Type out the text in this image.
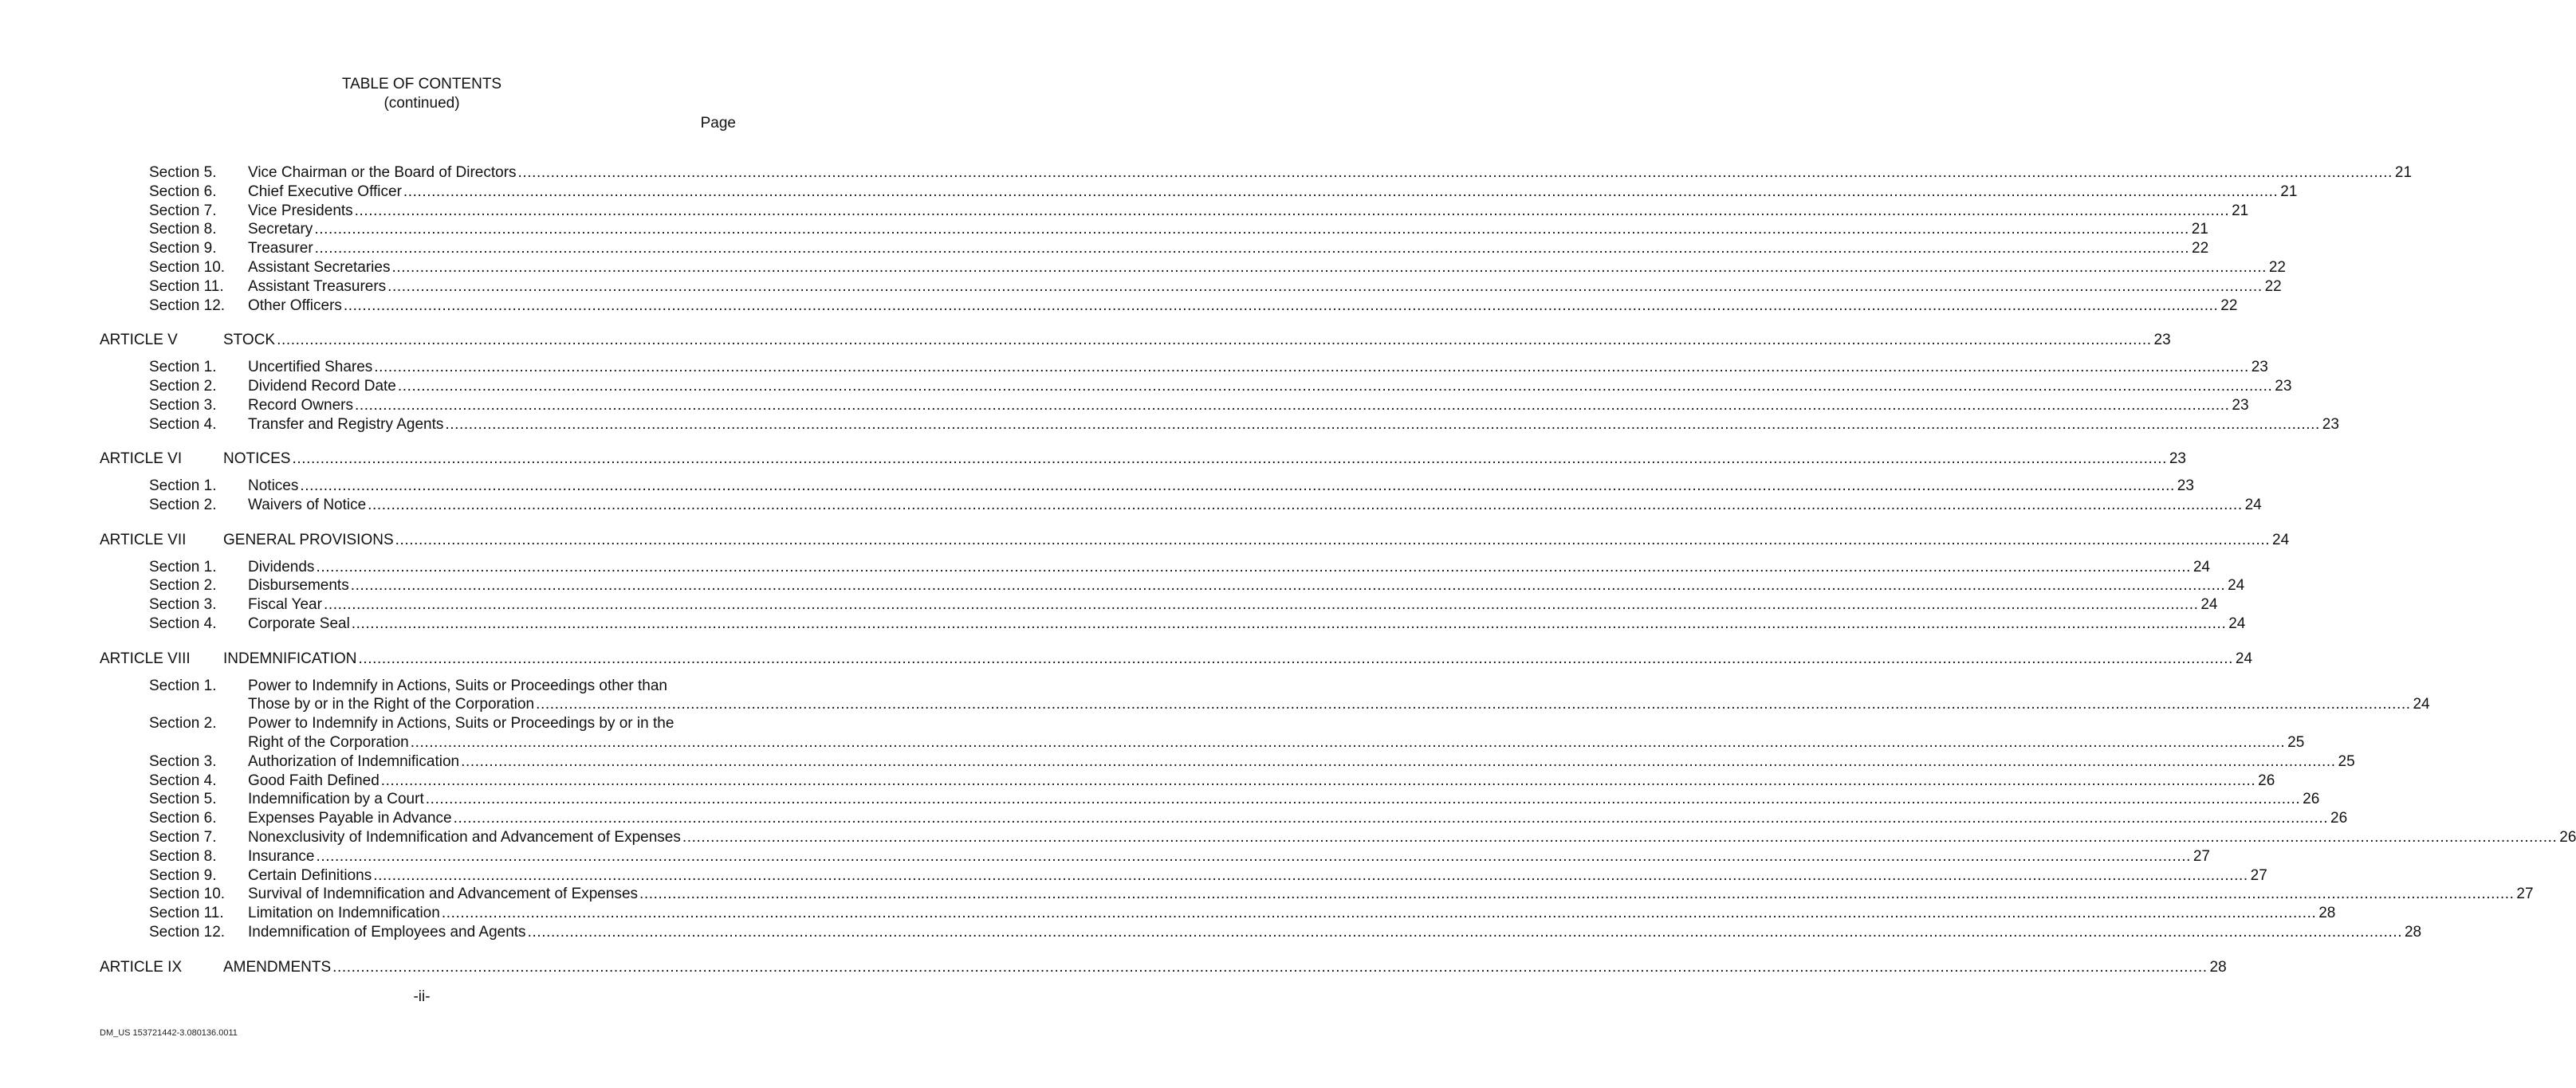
TABLE OF CONTENTS
(continued)
Page
Section 5. Vice Chairman or the Board of Directors ................................................................................................................................................................................................................................................................................................................................................................................................................ 21
Section 6. Chief Executive Officer ................................................................................................................................................................................................................................................................................................................................................................................................................ 21
Section 7. Vice Presidents ................................................................................................................................................................................................................................................................................................................................................................................................................ 21
Section 8. Secretary ................................................................................................................................................................................................................................................................................................................................................................................................................ 21
Section 9. Treasurer ................................................................................................................................................................................................................................................................................................................................................................................................................ 22
Section 10. Assistant Secretaries ................................................................................................................................................................................................................................................................................................................................................................................................................ 22
Section 11. Assistant Treasurers ................................................................................................................................................................................................................................................................................................................................................................................................................ 22
Section 12. Other Officers ................................................................................................................................................................................................................................................................................................................................................................................................................ 22
ARTICLE V	STOCK ................................................................................................................................................................................................................................................................................................................................................................................................................ 23
Section 1. Uncertified Shares ................................................................................................................................................................................................................................................................................................................................................................................................................ 23
Section 2. Dividend Record Date ................................................................................................................................................................................................................................................................................................................................................................................................................ 23
Section 3. Record Owners ................................................................................................................................................................................................................................................................................................................................................................................................................ 23
Section 4. Transfer and Registry Agents ................................................................................................................................................................................................................................................................................................................................................................................................................ 23
ARTICLE VI	NOTICES ................................................................................................................................................................................................................................................................................................................................................................................................................ 23
Section 1. Notices ................................................................................................................................................................................................................................................................................................................................................................................................................ 23
Section 2. Waivers of Notice ................................................................................................................................................................................................................................................................................................................................................................................................................ 24
ARTICLE VII GENERAL PROVISIONS ................................................................................................................................................................................................................................................................................................................................................................................................................ 24
Section 1. Dividends ................................................................................................................................................................................................................................................................................................................................................................................................................ 24
Section 2. Disbursements ................................................................................................................................................................................................................................................................................................................................................................................................................ 24
Section 3. Fiscal Year ................................................................................................................................................................................................................................................................................................................................................................................................................ 24
Section 4. Corporate Seal ................................................................................................................................................................................................................................................................................................................................................................................................................ 24
ARTICLE VIII INDEMNIFICATION ................................................................................................................................................................................................................................................................................................................................................................................................................ 24
Section 1. Power to Indemnify in Actions, Suits or Proceedings other than
Those by or in the Right of the Corporation ................................................................................................................................................................................................................................................................................................................................................................................................................ 24
Section 2. Power to Indemnify in Actions, Suits or Proceedings by or in the
Right of the Corporation ................................................................................................................................................................................................................................................................................................................................................................................................................ 25
Section 3. Authorization of Indemnification ................................................................................................................................................................................................................................................................................................................................................................................................................ 25
Section 4. Good Faith Defined ................................................................................................................................................................................................................................................................................................................................................................................................................ 26
Section 5. Indemnification by a Court ................................................................................................................................................................................................................................................................................................................................................................................................................ 26
Section 6. Expenses Payable in Advance ................................................................................................................................................................................................................................................................................................................................................................................................................ 26
Section 7. Nonexclusivity of Indemnification and Advancement of Expenses ................................................................................................................................................................................................................................................................................................................................................................................................................ 26
Section 8. Insurance ................................................................................................................................................................................................................................................................................................................................................................................................................ 27
Section 9. Certain Definitions ................................................................................................................................................................................................................................................................................................................................................................................................................ 27
Section 10. Survival of Indemnification and Advancement of Expenses ................................................................................................................................................................................................................................................................................................................................................................................................................ 27
Section 11. Limitation on Indemnification ................................................................................................................................................................................................................................................................................................................................................................................................................ 28
Section 12. Indemnification of Employees and Agents ................................................................................................................................................................................................................................................................................................................................................................................................................ 28
ARTICLE IX	AMENDMENTS ................................................................................................................................................................................................................................................................................................................................................................................................................ 28
-ii-
DM_US 153721442-3.080136.0011
